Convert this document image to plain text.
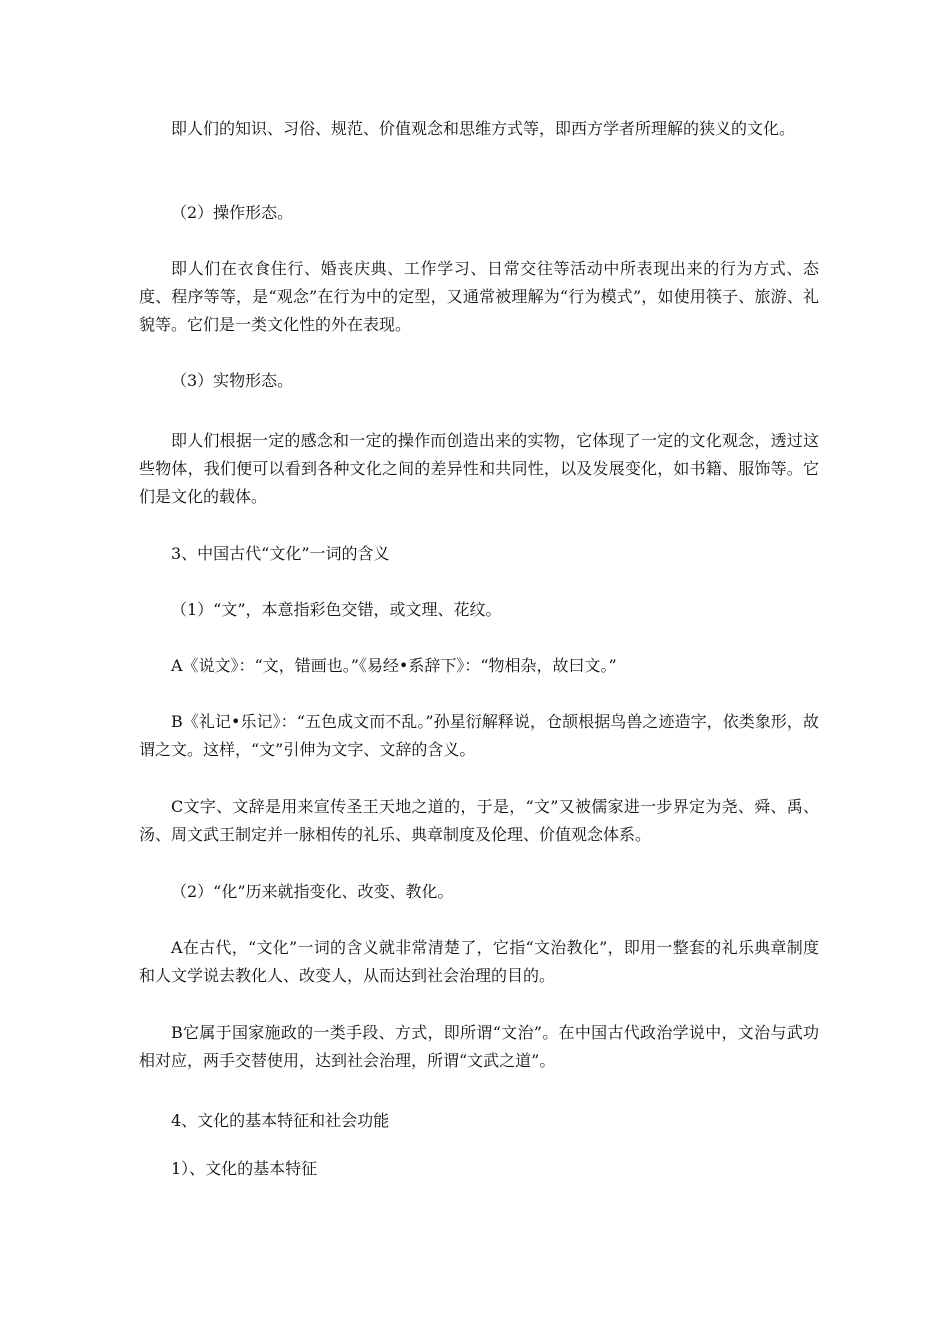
即人们的知识、习俗、规范、价值观念和思维方式等，即西方学者所理解的狭义的文化。

（2）操作形态。

即人们在衣食住行、婚丧庆典、工作学习、日常交往等活动中所表现出来的行为方式、态度、程序等等，是“观念”在行为中的定型，又通常被理解为“行为模式”，如使用筷子、旅游、礼貌等。它们是一类文化性的外在表现。

（3）实物形态。

即人们根据一定的感念和一定的操作而创造出来的实物，它体现了一定的文化观念，透过这些物体，我们便可以看到各种文化之间的差异性和共同性，以及发展变化，如书籍、服饰等。它们是文化的载体。

3、中国古代“文化”一词的含义

（1）“文”，本意指彩色交错，或文理、花纹。

A《说文》：“文，错画也。”《易经•系辞下》：“物相杂，故曰文。”

B《礼记•乐记》：“五色成文而不乱。”孙星衍解释说，仓颉根据鸟兽之迹造字，依类象形，故谓之文。这样，“文”引伸为文字、文辞的含义。

C文字、文辞是用来宣传圣王天地之道的，于是，“文”又被儒家进一步界定为尧、舜、禹、汤、周文武王制定并一脉相传的礼乐、典章制度及伦理、价值观念体系。

（2）“化”历来就指变化、改变、教化。

A在古代，“文化”一词的含义就非常清楚了，它指“文治教化”，即用一整套的礼乐典章制度和人文学说去教化人、改变人，从而达到社会治理的目的。

B它属于国家施政的一类手段、方式，即所谓“文治”。在中国古代政治学说中，文治与武功相对应，两手交替使用，达到社会治理，所谓“文武之道”。

4、文化的基本特征和社会功能

1）、文化的基本特征
